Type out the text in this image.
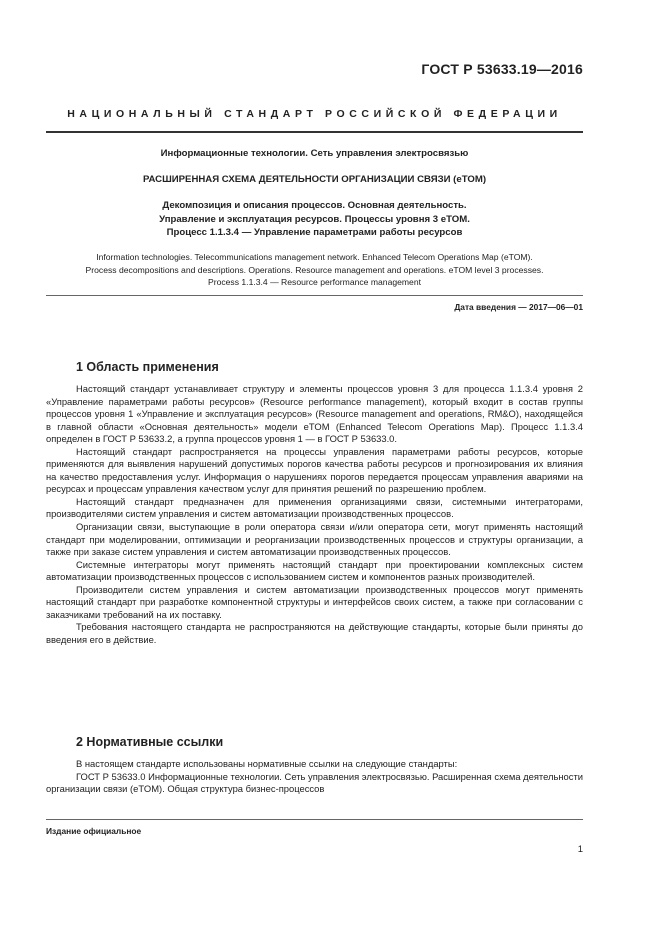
ГОСТ Р 53633.19—2016
НАЦИОНАЛЬНЫЙ СТАНДАРТ РОССИЙСКОЙ ФЕДЕРАЦИИ
Информационные технологии. Сеть управления электросвязью
РАСШИРЕННАЯ СХЕМА ДЕЯТЕЛЬНОСТИ ОРГАНИЗАЦИИ СВЯЗИ (eTOM)
Декомпозиция и описания процессов. Основная деятельность.
Управление и эксплуатация ресурсов. Процессы уровня 3 eTOM.
Процесс 1.1.3.4 — Управление параметрами работы ресурсов
Information technologies. Telecommunications management network. Enhanced Telecom Operations Map (eTOM).
Process decompositions and descriptions. Operations. Resource management and operations. eTOM level 3 processes.
Process 1.1.3.4 — Resource performance management
Дата введения — 2017—06—01
1 Область применения

Настоящий стандарт устанавливает структуру и элементы процессов уровня 3 для процесса 1.1.3.4 уровня 2 «Управление параметрами работы ресурсов» (Resource performance management), который входит в состав группы процессов уровня 1 «Управление и эксплуатация ресурсов» (Resource management and operations, RM&O), находящейся в главной области «Основная деятельность» модели eTOM (Enhanced Telecom Operations Map). Процесс 1.1.3.4 определен в ГОСТ Р 53633.2, а группа процессов уровня 1 — в ГОСТ Р 53633.0.

Настоящий стандарт распространяется на процессы управления параметрами работы ресурсов, которые применяются для выявления нарушений допустимых порогов качества работы ресурсов и прогнозирования их влияния на качество предоставления услуг. Информация о нарушениях порогов передается процессам управления авариями на ресурсах и процессам управления качеством услуг для принятия решений по разрешению проблем.

Настоящий стандарт предназначен для применения организациями связи, системными интеграторами, производителями систем управления и систем автоматизации производственных процессов.

Организации связи, выступающие в роли оператора связи и/или оператора сети, могут применять настоящий стандарт при моделировании, оптимизации и реорганизации производственных процессов и структуры организации, а также при заказе систем управления и систем автоматизации производственных процессов.

Системные интеграторы могут применять настоящий стандарт при проектировании комплексных систем автоматизации производственных процессов с использованием систем и компонентов разных производителей.

Производители систем управления и систем автоматизации производственных процессов могут применять настоящий стандарт при разработке компонентной структуры и интерфейсов своих систем, а также при согласовании с заказчиками требований на их поставку.

Требования настоящего стандарта не распространяются на действующие стандарты, которые были приняты до введения его в действие.

2 Нормативные ссылки

В настоящем стандарте использованы нормативные ссылки на следующие стандарты:

ГОСТ Р 53633.0 Информационные технологии. Сеть управления электросвязью. Расширенная схема деятельности организации связи (eTOM). Общая структура бизнес-процессов

Издание официальное
1
